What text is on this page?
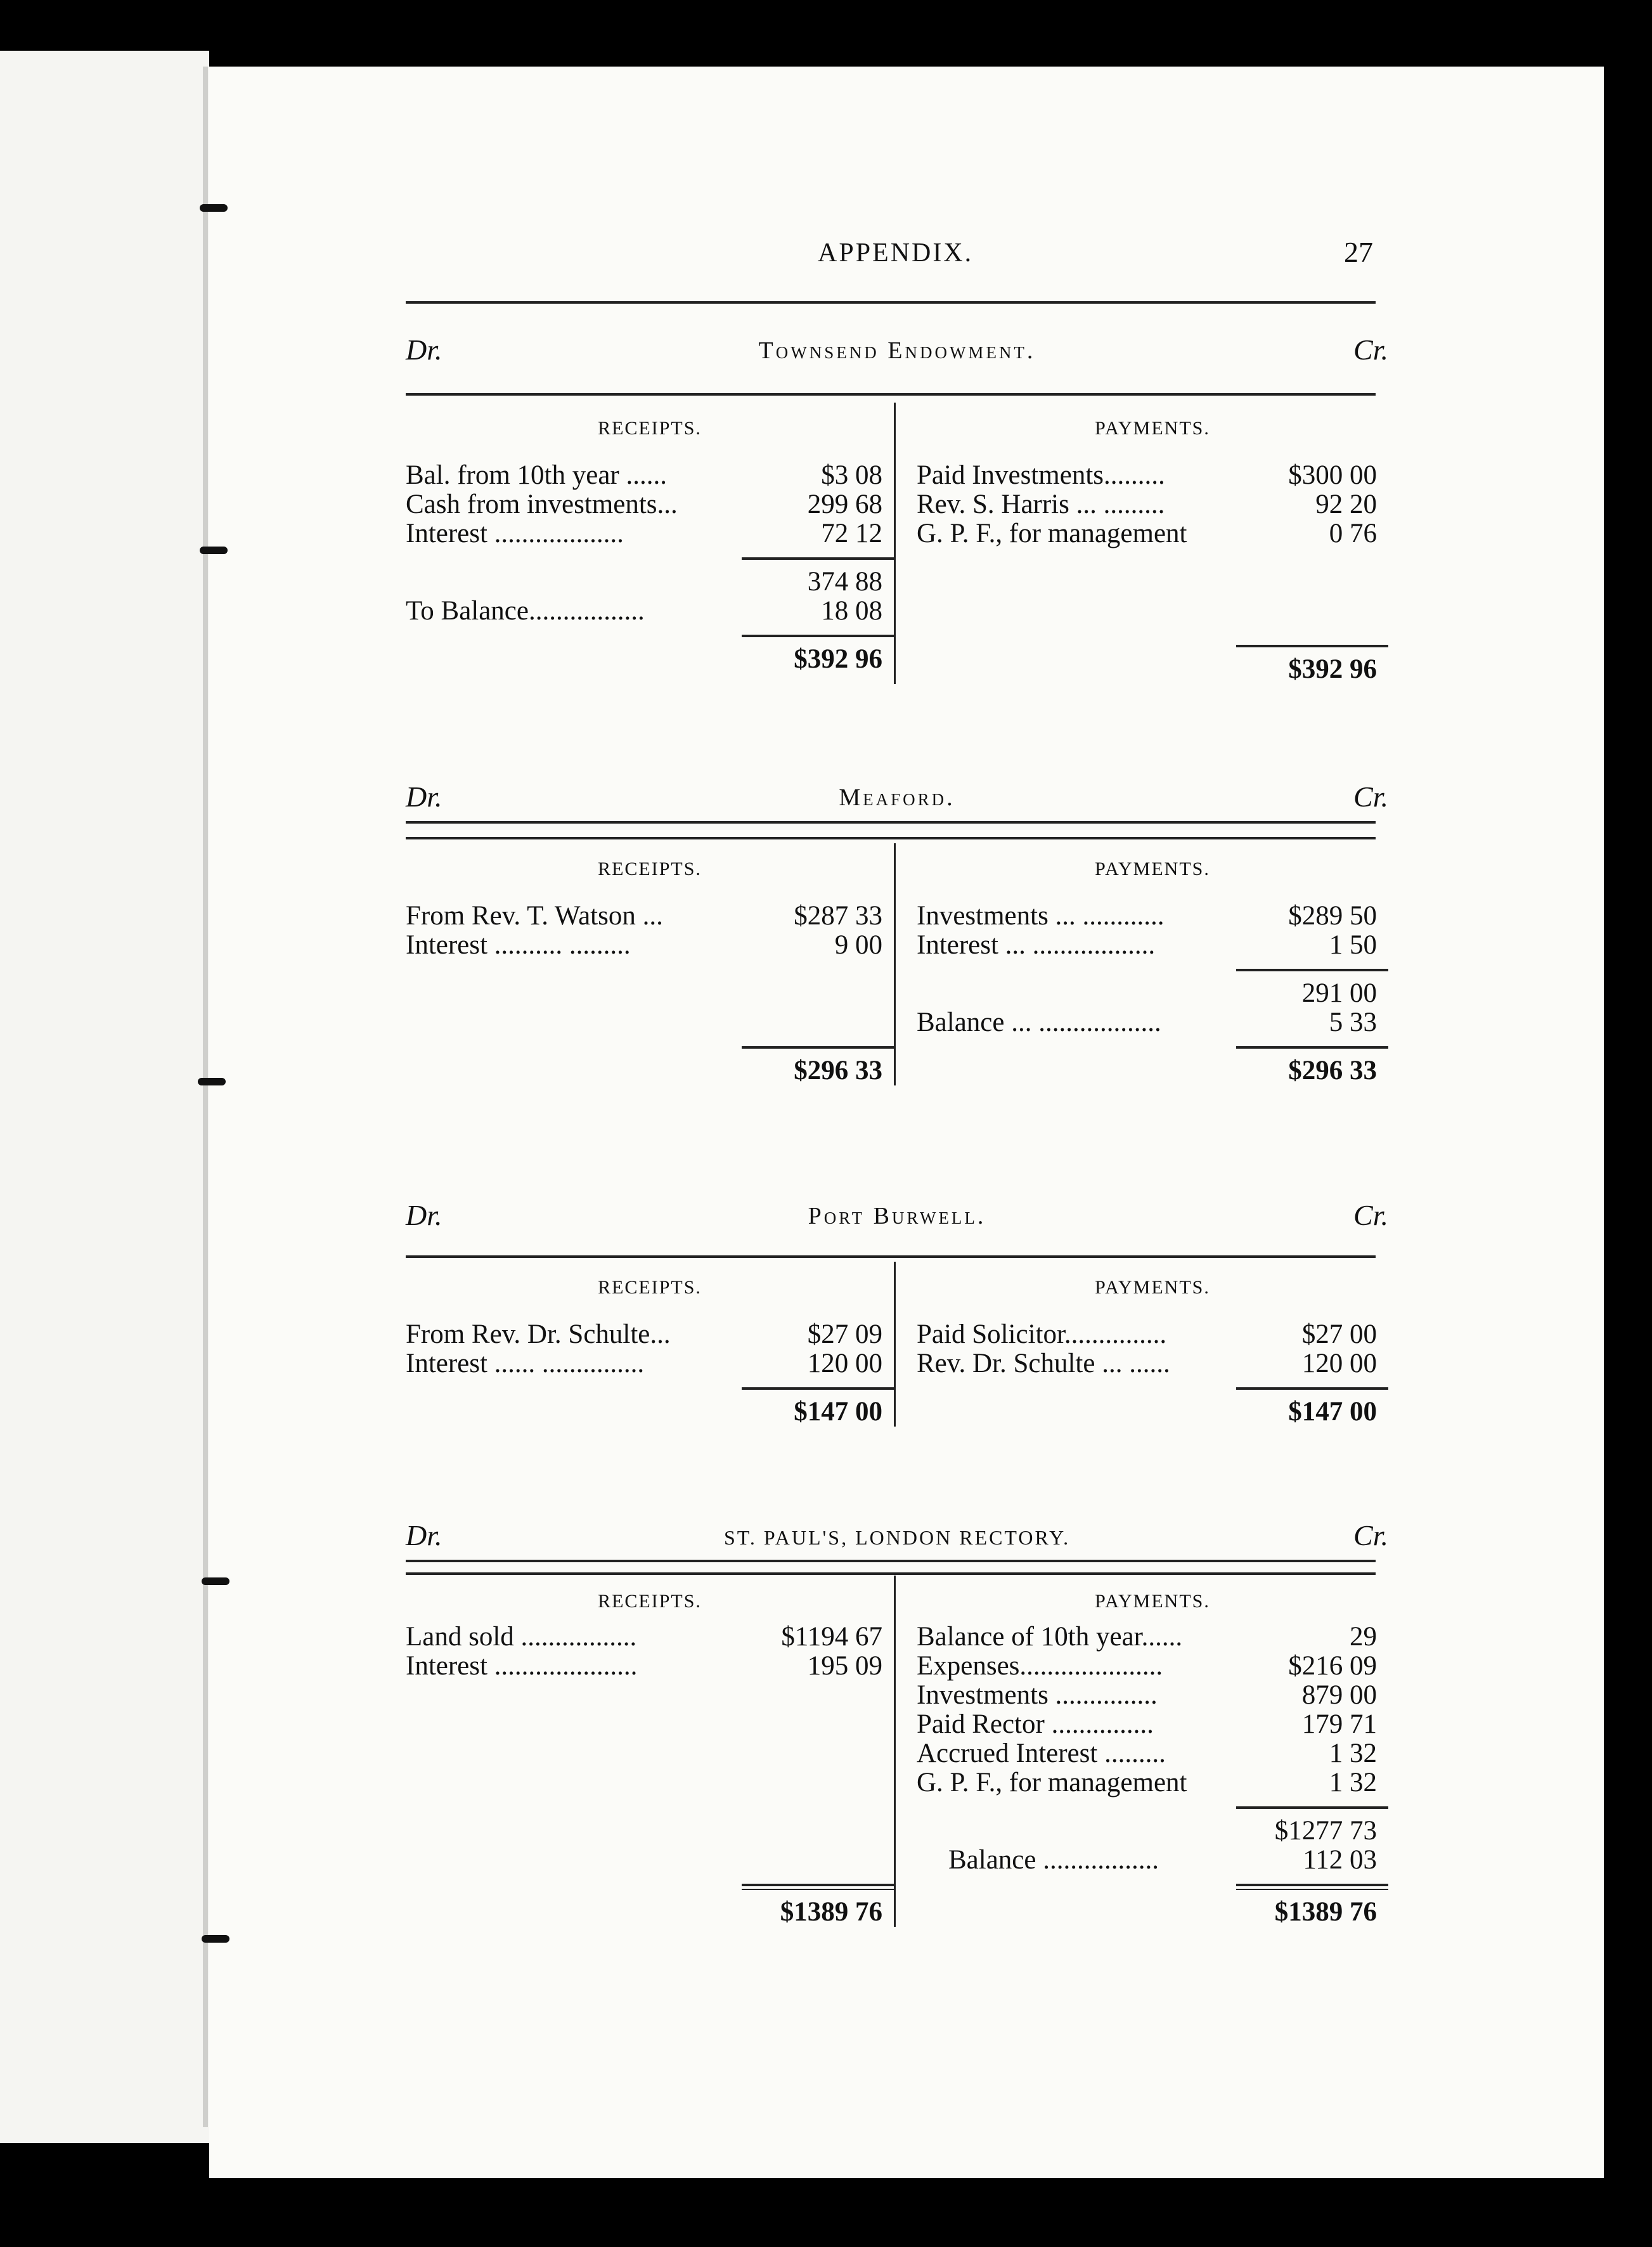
APPENDIX.	27
Dr.	Townsend Endowment.	Cr.
RECEIPTS.
Bal. from 10th year ......	$3 08
Cash from investments...	299 68
Interest ...................	72 12
374 88
To Balance.................	18 08
$392 96
PAYMENTS.
Paid Investments.........	$300 00
Rev. S. Harris ... .........	92 20
G. P. F., for management	0 76
$392 96
Dr.	Meaford.	Cr.
RECEIPTS.
From Rev. T. Watson ...	$287 33
Interest .......... .........	9 00
$296 33
PAYMENTS.
Investments ... ............	$289 50
Interest ... ..................	1 50
291 00
Balance ... ..................	5 33
$296 33
Dr.	Port Burwell.	Cr.
RECEIPTS.
From Rev. Dr. Schulte...	$27 09
Interest ...... ...............	120 00
$147 00
PAYMENTS.
Paid Solicitor...............	$27 00
Rev. Dr. Schulte ... ......	120 00
$147 00
Dr.	ST. PAUL'S, LONDON RECTORY.	Cr.
RECEIPTS.
Land sold .................	$1194 67
Interest .....................	195 09
$1389 76
PAYMENTS.
Balance of 10th year......	29
Expenses.....................	$216 09
Investments ...............	879 00
Paid Rector ...............	179 71
Accrued Interest .........	1 32
G. P. F., for management	1 32
$1277 73
Balance .................	112 03
$1389 76
